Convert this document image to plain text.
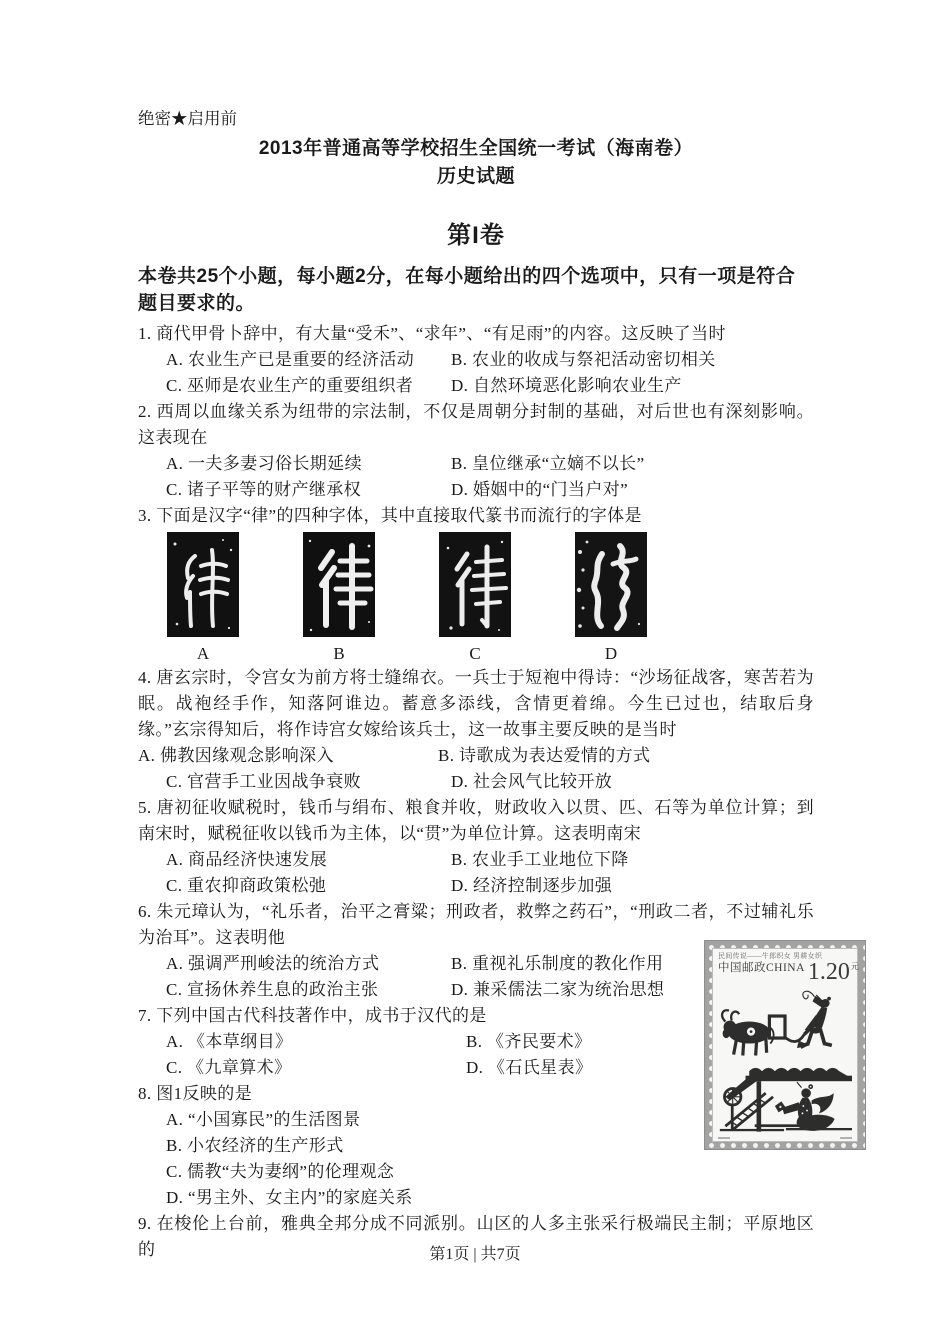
绝密★启用前
2013年普通高等学校招生全国统一考试（海南卷）
历史试题
第I卷
本卷共25个小题，每小题2分，在每小题给出的四个选项中，只有一项是符合题目要求的。

1. 商代甲骨卜辞中，有大量“受禾”、“求年”、“有足雨”的内容。这反映了当时

A. 农业生产已是重要的经济活动	B. 农业的收成与祭祀活动密切相关
C. 巫师是农业生产的重要组织者	D. 自然环境恶化影响农业生产

2. 西周以血缘关系为纽带的宗法制，不仅是周朝分封制的基础，对后世也有深刻影响。这表现在

A. 一夫多妻习俗长期延续	B. 皇位继承“立嫡不以长”
C. 诸子平等的财产继承权	D. 婚姻中的“门当户对”

3. 下面是汉字“律”的四种字体，其中直接取代篆书而流行的字体是

A	B	C	D

4. 唐玄宗时，令宫女为前方将士缝绵衣。一兵士于短袍中得诗：“沙场征战客，寒苦若为眠。战袍经手作，知落阿谁边。蓄意多添线，含情更着绵。今生已过也，结取后身缘。”玄宗得知后，将作诗宫女嫁给该兵士，这一故事主要反映的是当时

A. 佛教因缘观念影响深入	B. 诗歌成为表达爱情的方式
C. 官营手工业因战争衰败	D. 社会风气比较开放

5. 唐初征收赋税时，钱币与绢布、粮食并收，财政收入以贯、匹、石等为单位计算；到南宋时，赋税征收以钱币为主体，以“贯”为单位计算。这表明南宋

A. 商品经济快速发展	B. 农业手工业地位下降
C. 重农抑商政策松弛	D. 经济控制逐步加强

6. 朱元璋认为，“礼乐者，治平之膏粱；刑政者，救弊之药石”，“刑政二者，不过辅礼乐为治耳”。这表明他

A. 强调严刑峻法的统治方式	B. 重视礼乐制度的教化作用
C. 宣扬休养生息的政治主张	D. 兼采儒法二家为统治思想

7. 下列中国古代科技著作中，成书于汉代的是

A. 《本草纲目》	B. 《齐民要术》
C. 《九章算术》	D. 《石氏星表》

8. 图1反映的是

A. “小国寡民”的生活图景
B. 小农经济的生产形式
C. 儒教“夫为妻纲”的伦理观念
D. “男主外、女主内”的家庭关系

9. 在梭伦上台前，雅典全邦分成不同派别。山区的人多主张采行极端民主制；平原地区的

民间传说——牛郎织女 男耕女织
中国邮政CHINA 1.20 元
第1页 | 共7页
